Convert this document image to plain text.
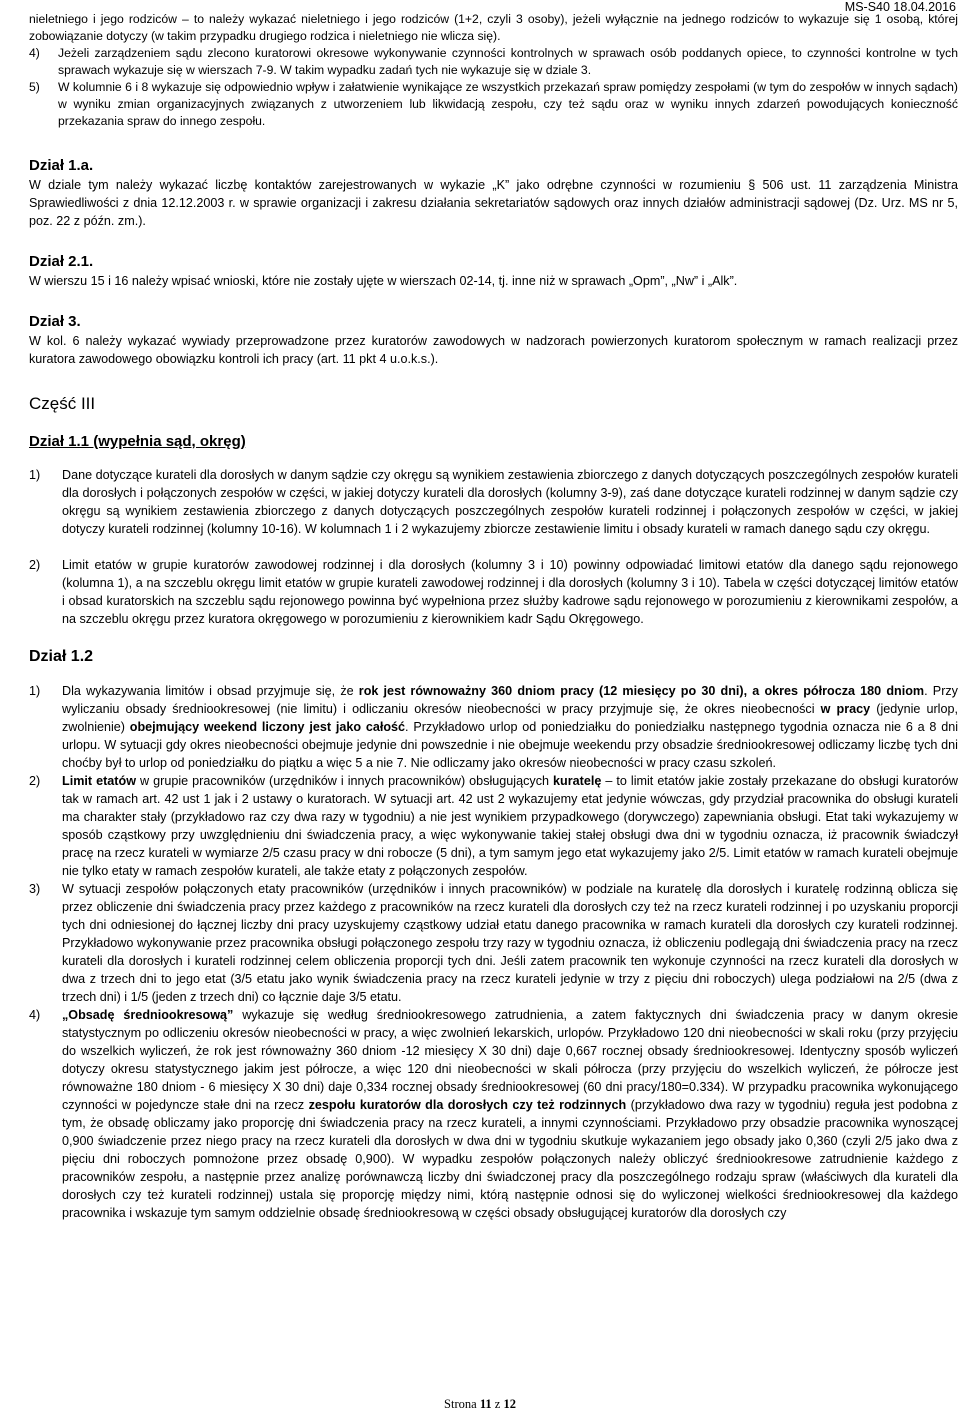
MS-S40 18.04.2016

nieletniego i jego rodziców – to należy wykazać nieletniego i jego rodziców (1+2, czyli 3 osoby), jeżeli wyłącznie na jednego rodziców to wykazuje się 1 osobą, której zobowiązanie dotyczy (w takim przypadku drugiego rodzica i nieletniego nie wlicza się).

4) Jeżeli zarządzeniem sądu zlecono kuratorowi okresowe wykonywanie czynności kontrolnych w sprawach osób poddanych opiece, to czynności kontrolne w tych sprawach wykazuje się w wierszach 7-9. W takim wypadku zadań tych nie wykazuje się w dziale 3.

5) W kolumnie 6 i 8 wykazuje się odpowiednio wpływ i załatwienie wynikające ze wszystkich przekazań spraw pomiędzy zespołami (w tym do zespołów w innych sądach) w wyniku zmian organizacyjnych związanych z utworzeniem lub likwidacją zespołu, czy też sądu oraz w wyniku innych zdarzeń powodujących konieczność przekazania spraw do innego zespołu.

Dział 1.a.

W dziale tym należy wykazać liczbę kontaktów zarejestrowanych w wykazie „K” jako odrębne czynności w rozumieniu § 506 ust. 11 zarządzenia Ministra Sprawiedliwości z dnia 12.12.2003 r. w sprawie organizacji i zakresu działania sekretariatów sądowych oraz innych działów administracji sądowej (Dz. Urz. MS nr 5, poz. 22 z późn. zm.).

Dział 2.1.

W wierszu 15 i 16 należy wpisać wnioski, które nie zostały ujęte w wierszach 02-14, tj. inne niż w sprawach „Opm”, „Nw” i „Alk”.

Dział 3.

W kol. 6 należy wykazać wywiady przeprowadzone przez kuratorów zawodowych w nadzorach powierzonych kuratorom społecznym w ramach realizacji przez kuratora zawodowego obowiązku kontroli ich pracy (art. 11 pkt 4 u.o.k.s.).

Część III
Dział 1.1 (wypełnia sąd, okręg)

1) Dane dotyczące kurateli dla dorosłych w danym sądzie czy okręgu są wynikiem zestawienia zbiorczego z danych dotyczących poszczególnych zespołów kurateli dla dorosłych i połączonych zespołów w części, w jakiej dotyczy kurateli dla dorosłych (kolumny 3-9), zaś dane dotyczące kurateli rodzinnej w danym sądzie czy okręgu są wynikiem zestawienia zbiorczego z danych dotyczących poszczególnych zespołów kurateli rodzinnej i połączonych zespołów w części, w jakiej dotyczy kurateli rodzinnej (kolumny 10-16). W kolumnach 1 i 2 wykazujemy zbiorcze zestawienie limitu i obsady kurateli w ramach danego sądu czy okręgu.

2) Limit etatów w grupie kuratorów zawodowej rodzinnej i dla dorosłych (kolumny 3 i 10) powinny odpowiadać limitowi etatów dla danego sądu rejonowego (kolumna 1), a na szczeblu okręgu limit etatów w grupie kurateli zawodowej rodzinnej i dla dorosłych (kolumny 3 i 10). Tabela w części dotyczącej limitów etatów i obsad kuratorskich na szczeblu sądu rejonowego powinna być wypełniona przez służby kadrowe sądu rejonowego w porozumieniu z kierownikami zespołów, a na szczeblu okręgu przez kuratora okręgowego w porozumieniu z kierownikiem kadr Sądu Okręgowego.

Dział 1.2

1) Dla wykazywania limitów i obsad przyjmuje się, że rok jest równoważny 360 dniom pracy (12 miesięcy po 30 dni), a okres półrocza 180 dniom. Przy wyliczaniu obsady średniookresowej (nie limitu) i odliczaniu okresów nieobecności w pracy przyjmuje się, że okres nieobecności w pracy (jedynie urlop, zwolnienie) obejmujący weekend liczony jest jako całość. Przykładowo urlop od poniedziałku do poniedziałku następnego tygodnia oznacza nie 6 a 8 dni urlopu. W sytuacji gdy okres nieobecności obejmuje jedynie dni powszednie i nie obejmuje weekendu przy obsadzie średniookresowej odliczamy liczbę tych dni choćby był to urlop od poniedziałku do piątku a więc 5 a nie 7. Nie odliczamy jako okresów nieobecności w pracy czasu szkoleń.

2) Limit etatów w grupie pracowników (urzędników i innych pracowników) obsługujących kuratelę – to limit etatów jakie zostały przekazane do obsługi kuratorów tak w ramach art. 42 ust 1 jak i 2 ustawy o kuratorach. W sytuacji art. 42 ust 2 wykazujemy etat jedynie wówczas, gdy przydział pracownika do obsługi kurateli ma charakter stały (przykładowo raz czy dwa razy w tygodniu) a nie jest wynikiem przypadkowego (dorywczego) zapewniania obsługi. Etat taki wykazujemy w sposób cząstkowy przy uwzględnieniu dni świadczenia pracy, a więc wykonywanie takiej stałej obsługi dwa dni w tygodniu oznacza, iż pracownik świadczył pracę na rzecz kurateli w wymiarze 2/5 czasu pracy w dni robocze (5 dni), a tym samym jego etat wykazujemy jako 2/5. Limit etatów w ramach kurateli obejmuje nie tylko etaty w ramach zespołów kurateli, ale także etaty z połączonych zespołów.

3) W sytuacji zespołów połączonych etaty pracowników (urzędników i innych pracowników) w podziale na kuratelę dla dorosłych i kuratelę rodzinną oblicza się przez obliczenie dni świadczenia pracy przez każdego z pracowników na rzecz kurateli dla dorosłych czy też na rzecz kurateli rodzinnej i po uzyskaniu proporcji tych dni odniesionej do łącznej liczby dni pracy uzyskujemy cząstkowy udział etatu danego pracownika w ramach kurateli dla dorosłych czy kurateli rodzinnej. Przykładowo wykonywanie przez pracownika obsługi połączonego zespołu trzy razy w tygodniu oznacza, iż obliczeniu podlegają dni świadczenia pracy na rzecz kurateli dla dorosłych i kurateli rodzinnej celem obliczenia proporcji tych dni. Jeśli zatem pracownik ten wykonuje czynności na rzecz kurateli dla dorosłych w dwa z trzech dni to jego etat (3/5 etatu jako wynik świadczenia pracy na rzecz kurateli jedynie w trzy z pięciu dni roboczych) ulega podziałowi na 2/5 (dwa z trzech dni) i 1/5 (jeden z trzech dni) co łącznie daje 3/5 etatu.

4) „Obsadę średniookresową” wykazuje się według średniookresowego zatrudnienia, a zatem faktycznych dni świadczenia pracy w danym okresie statystycznym po odliczeniu okresów nieobecności w pracy, a więc zwolnień lekarskich, urlopów. Przykładowo 120 dni nieobecności w skali roku (przy przyjęciu do wszelkich wyliczeń, że rok jest równoważny 360 dniom -12 miesięcy X 30 dni) daje 0,667 rocznej obsady średniookresowej. Identyczny sposób wyliczeń dotyczy okresu statystycznego jakim jest półrocze, a więc 120 dni nieobecności w skali półrocza (przy przyjęciu do wszelkich wyliczeń, że półrocze jest równoważne 180 dniom - 6 miesięcy X 30 dni) daje 0,334 rocznej obsady średniookresowej (60 dni pracy/180=0.334). W przypadku pracownika wykonującego czynności w pojedyncze stałe dni na rzecz zespołu kuratorów dla dorosłych czy też rodzinnych (przykładowo dwa razy w tygodniu) reguła jest podobna z tym, że obsadę obliczamy jako proporcję dni świadczenia pracy na rzecz kurateli, a innymi czynnościami. Przykładowo przy obsadzie pracownika wynoszącej 0,900 świadczenie przez niego pracy na rzecz kurateli dla dorosłych w dwa dni w tygodniu skutkuje wykazaniem jego obsady jako 0,360 (czyli 2/5 jako dwa z pięciu dni roboczych pomnożone przez obsadę 0,900). W wypadku zespołów połączonych należy obliczyć średniookresowe zatrudnienie każdego z pracowników zespołu, a następnie przez analizę porównawczą liczby dni świadczonej pracy dla poszczególnego rodzaju spraw (właściwych dla kurateli dla dorosłych czy też kurateli rodzinnej) ustala się proporcję między nimi, którą następnie odnosi się do wyliczonej wielkości średniookresowej dla każdego pracownika i wskazuje tym samym oddzielnie obsadę średniookresową w części obsady obsługującej kuratorów dla dorosłych czy

Strona 11 z 12
